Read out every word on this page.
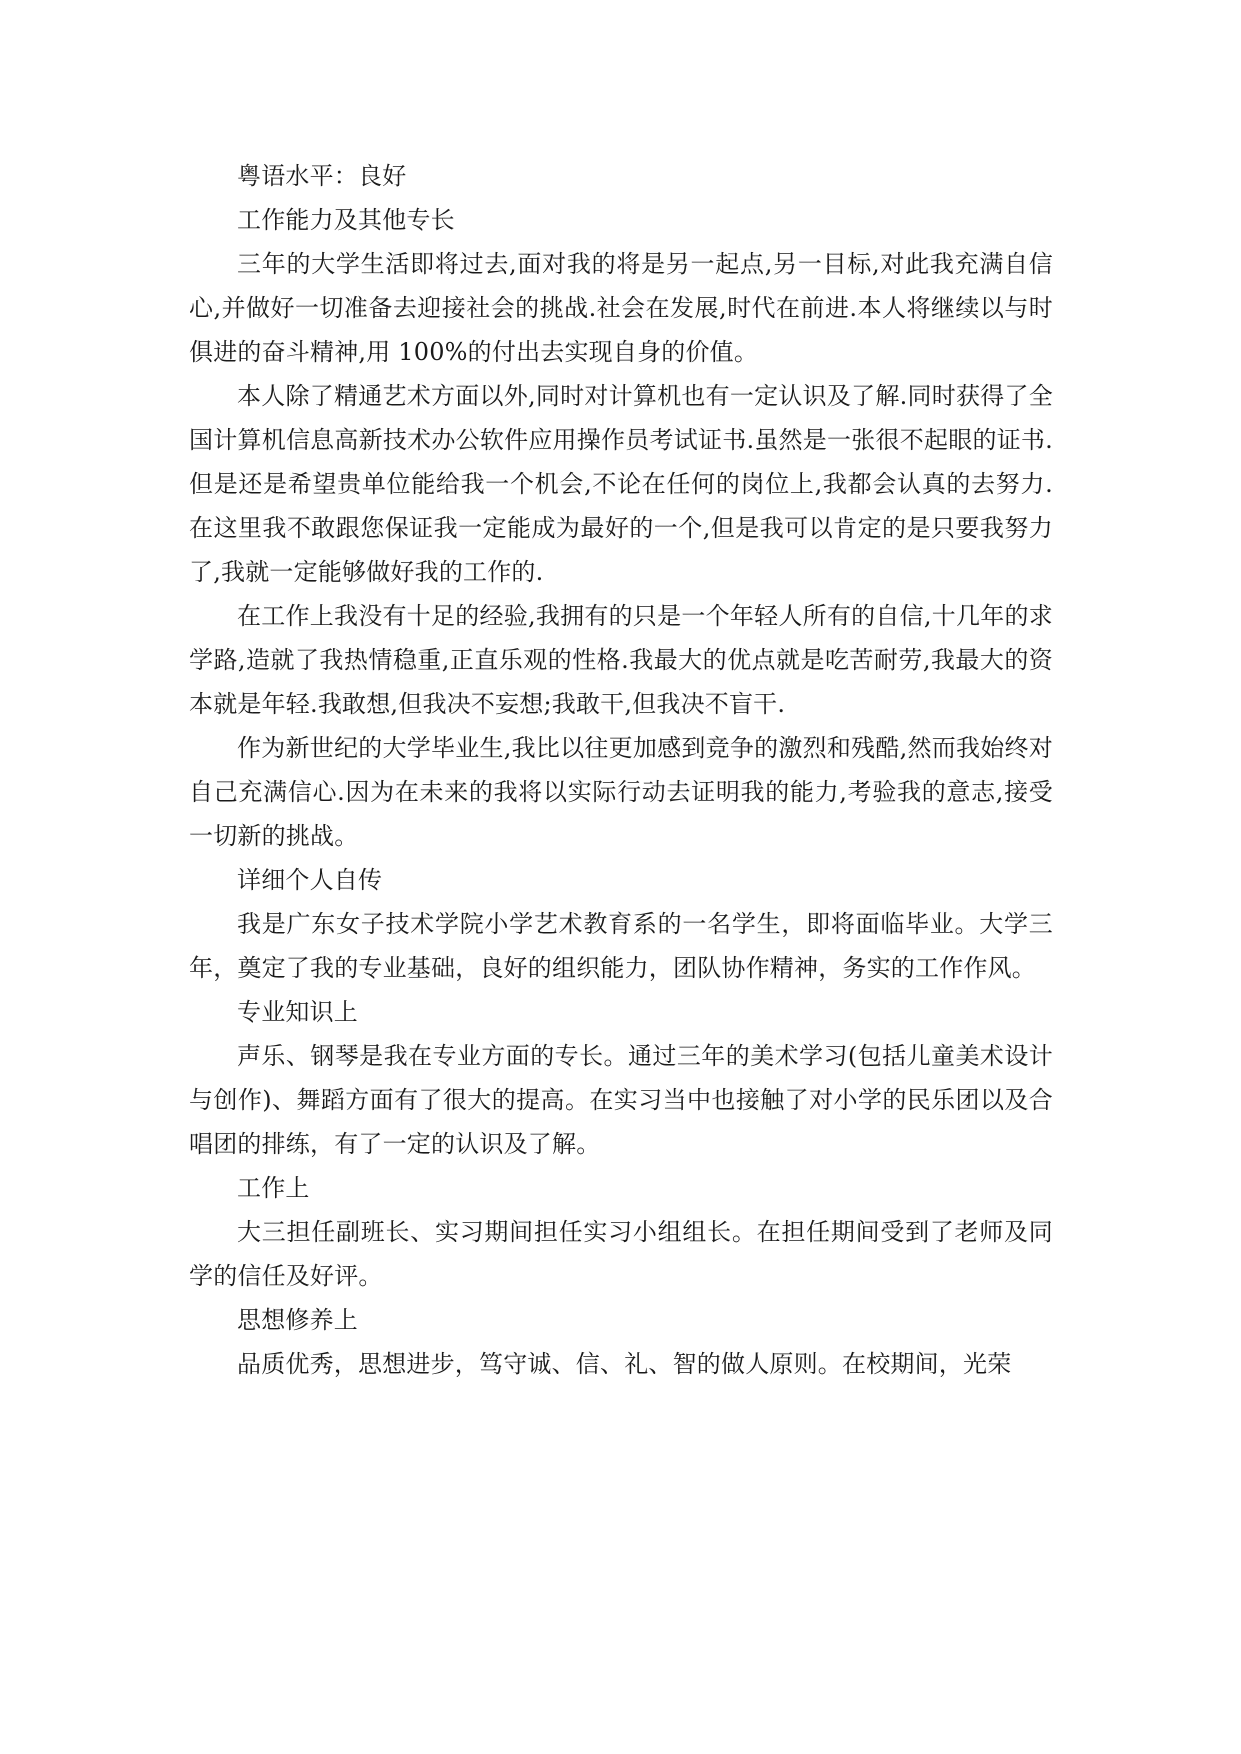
粤语水平：良好

工作能力及其他专长

三年的大学生活即将过去,面对我的将是另一起点,另一目标,对此我充满自信心,并做好一切准备去迎接社会的挑战.社会在发展,时代在前进.本人将继续以与时俱进的奋斗精神,用 100%的付出去实现自身的价值。

本人除了精通艺术方面以外,同时对计算机也有一定认识及了解.同时获得了全国计算机信息高新技术办公软件应用操作员考试证书.虽然是一张很不起眼的证书.但是还是希望贵单位能给我一个机会,不论在任何的岗位上,我都会认真的去努力.在这里我不敢跟您保证我一定能成为最好的一个,但是我可以肯定的是只要我努力了,我就一定能够做好我的工作的.

在工作上我没有十足的经验,我拥有的只是一个年轻人所有的自信,十几年的求学路,造就了我热情稳重,正直乐观的性格.我最大的优点就是吃苦耐劳,我最大的资本就是年轻.我敢想,但我决不妄想;我敢干,但我决不盲干.

作为新世纪的大学毕业生,我比以往更加感到竞争的激烈和残酷,然而我始终对自己充满信心.因为在未来的我将以实际行动去证明我的能力,考验我的意志,接受一切新的挑战。

详细个人自传

我是广东女子技术学院小学艺术教育系的一名学生，即将面临毕业。大学三年，奠定了我的专业基础，良好的组织能力，团队协作精神，务实的工作作风。

专业知识上

声乐、钢琴是我在专业方面的专长。通过三年的美术学习(包括儿童美术设计与创作)、舞蹈方面有了很大的提高。在实习当中也接触了对小学的民乐团以及合唱团的排练，有了一定的认识及了解。

工作上

大三担任副班长、实习期间担任实习小组组长。在担任期间受到了老师及同学的信任及好评。

思想修养上

品质优秀，思想进步，笃守诚、信、礼、智的做人原则。在校期间，光荣
